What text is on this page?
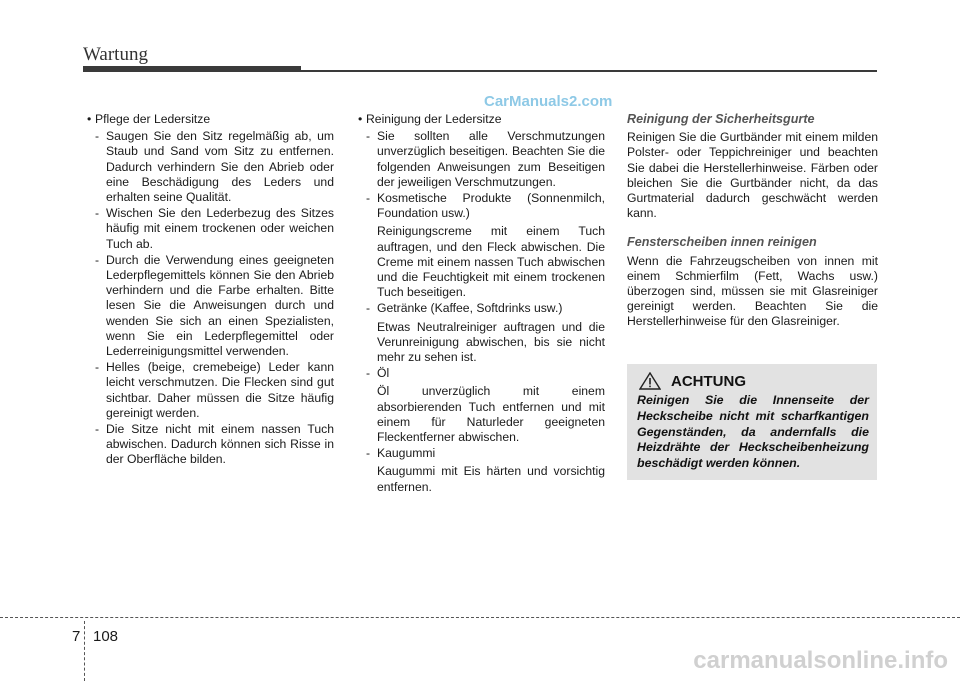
Wartung
CarManuals2.com
• Pflege der Ledersitze
- Saugen Sie den Sitz regelmäßig ab, um Staub und Sand vom Sitz zu entfernen. Dadurch verhindern Sie den Abrieb oder eine Beschädigung des Leders und erhalten seine Qualität.
- Wischen Sie den Lederbezug des Sitzes häufig mit einem trockenen oder weichen Tuch ab.
- Durch die Verwendung eines geeigneten Lederpflegemittels können Sie den Abrieb verhindern und die Farbe erhalten. Bitte lesen Sie die Anweisungen durch und wenden Sie sich an einen Spezialisten, wenn Sie ein Lederpflegemittel oder Lederreinigungsmittel verwenden.
- Helles (beige, cremebeige) Leder kann leicht verschmutzen. Die Flecken sind gut sichtbar. Daher müssen die Sitze häufig gereinigt werden.
- Die Sitze nicht mit einem nassen Tuch abwischen. Dadurch können sich Risse in der Oberfläche bilden.
• Reinigung der Ledersitze
- Sie sollten alle Verschmutzungen unverzüglich beseitigen. Beachten Sie die folgenden Anweisungen zum Beseitigen der jeweiligen Verschmutzungen.
- Kosmetische Produkte (Sonnenmilch, Foundation usw.)
Reinigungscreme mit einem Tuch auftragen, und den Fleck abwischen. Die Creme mit einem nassen Tuch abwischen und die Feuchtigkeit mit einem trockenen Tuch beseitigen.
- Getränke (Kaffee, Softdrinks usw.)
Etwas Neutralreiniger auftragen und die Verunreinigung abwischen, bis sie nicht mehr zu sehen ist.
- Öl
Öl unverzüglich mit einem absorbierenden Tuch entfernen und mit einem für Naturleder geeigneten Fleckentferner abwischen.
- Kaugummi
Kaugummi mit Eis härten und vorsichtig entfernen.
Reinigung der Sicherheitsgurte
Reinigen Sie die Gurtbänder mit einem milden Polster- oder Teppichreiniger und beachten Sie dabei die Herstellerhinweise. Färben oder bleichen Sie die Gurtbänder nicht, da das Gurtmaterial dadurch geschwächt werden kann.
Fensterscheiben innen reinigen
Wenn die Fahrzeugscheiben von innen mit einem Schmierfilm (Fett, Wachs usw.) überzogen sind, müssen sie mit Glasreiniger gereinigt werden. Beachten Sie die Herstellerhinweise für den Glasreiniger.
ACHTUNG
Reinigen Sie die Innenseite der Heckscheibe nicht mit scharfkantigen Gegenständen, da andernfalls die Heizdrähte der Heckscheibenheizung beschädigt werden können.
7 108
carmanualsonline.info
